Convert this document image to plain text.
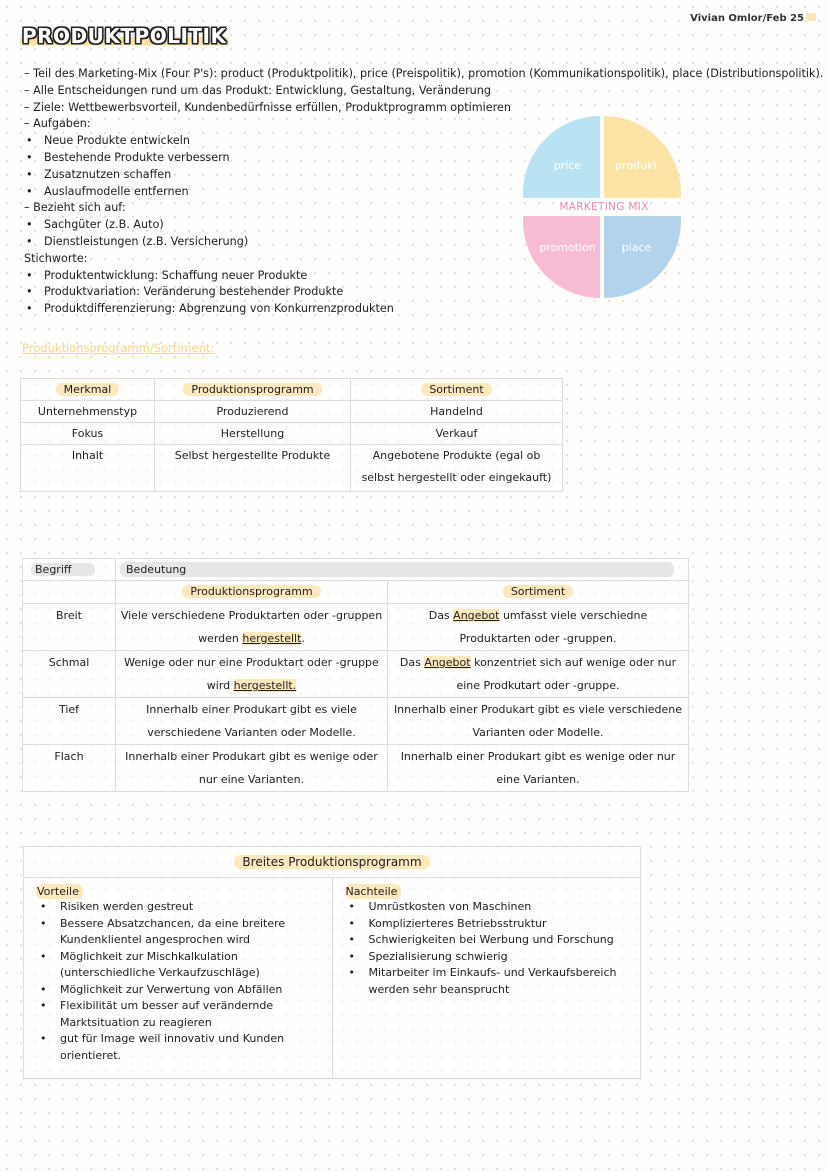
Vivian Omlor/Feb 25
PRODUKTPOLITIK
– Teil des Marketing-Mix (Four P's): product (Produktpolitik), price (Preispolitik), promotion (Kommunikationspolitik), place (Distributionspolitik).
– Alle Entscheidungen rund um das Produkt: Entwicklung, Gestaltung, Veränderung
– Ziele: Wettbewerbsvorteil, Kundenbedürfnisse erfüllen, Produktprogramm optimieren
– Aufgaben:
• Neue Produkte entwickeln
• Bestehende Produkte verbessern
• Zusatznutzen schaffen
• Auslaufmodelle entfernen
– Bezieht sich auf:
• Sachgüter (z.B. Auto)
• Dienstleistungen (z.B. Versicherung)
Stichworte:
• Produktentwicklung: Schaffung neuer Produkte
• Produktvariation: Veränderung bestehender Produkte
• Produktdifferenzierung: Abgrenzung von Konkurrenzprodukten
price	produkt
MARKETING MIX
promotion place
Produktionsprogramm/Sortiment:
Merkmal	Produktionsprogramm	Sortiment
Unternehmenstyp	Produzierend	Handelnd
Fokus	Herstellung	Verkauf
Inhalt	Selbst hergestellte Produkte	Angebotene Produkte (egal ob selbst hergestellt oder eingekauft)
Begriff	Bedeutung	
	Produktionsprogramm	Sortiment
Breit	Viele verschiedene Produktarten oder -gruppen werden hergestellt.	Das Angebot umfasst viele verschiedne Produktarten oder -gruppen.
Schmal	Wenige oder nur eine Produktart oder -gruppe wird hergestellt.	Das Angebot konzentriet sich auf wenige oder nur eine Prodkutart oder -gruppe.
Tief	Innerhalb einer Produkart gibt es viele verschiedene Varianten oder Modelle.	Innerhalb einer Produkart gibt es viele verschiedene Varianten oder Modelle.
Flach	Innerhalb einer Produkart gibt es wenige oder nur eine Varianten.	Innerhalb einer Produkart gibt es wenige oder nur eine Varianten.
Breites Produktionsprogramm
Vorteile
• Risiken werden gestreut
• Bessere Absatzchancen, da eine breitere Kundenklientel angesprochen wird
• Möglichkeit zur Mischkalkulation (unterschiedliche Verkaufzuschläge)
• Möglichkeit zur Verwertung von Abfällen
• Flexibilität um besser auf verändernde Marktsituation zu reagieren
• gut für Image weil innovativ und Kunden orientieret.
	Nachteile
• Umrüstkosten von Maschinen
• Komplizierteres Betriebsstruktur
• Schwierigkeiten bei Werbung und Forschung
• Spezialisierung schwierig
• Mitarbeiter im Einkaufs- und Verkaufsbereich werden sehr beansprucht
